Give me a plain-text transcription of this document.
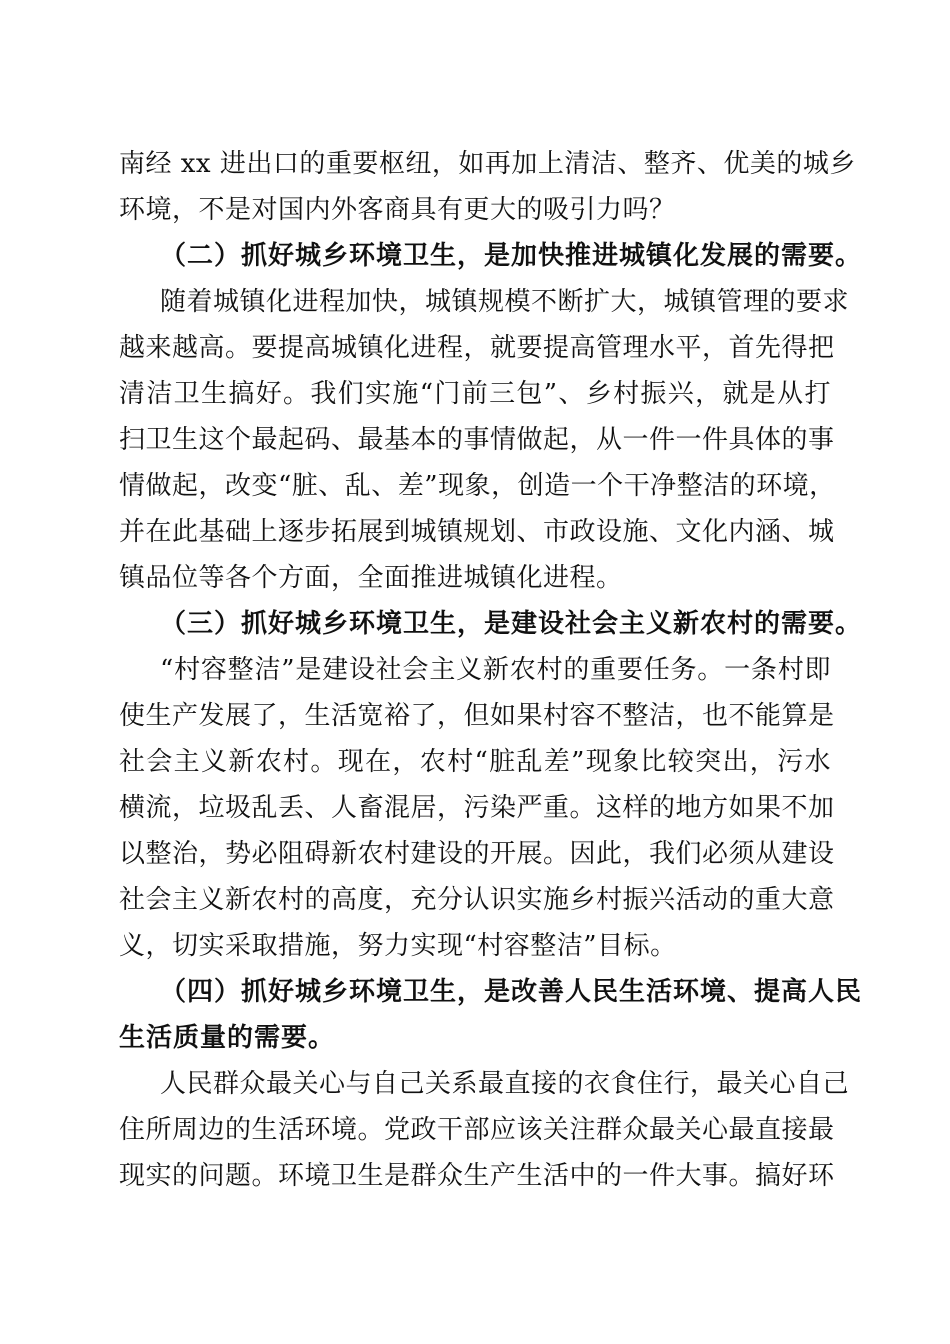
南经 xx 进出口的重要枢纽，如再加上清洁、整齐、优美的城乡
环境，不是对国内外客商具有更大的吸引力吗？
（二）抓好城乡环境卫生，是加快推进城镇化发展的需要。
随着城镇化进程加快，城镇规模不断扩大，城镇管理的要求
越来越高。要提高城镇化进程，就要提高管理水平，首先得把
清洁卫生搞好。我们实施“门前三包”、乡村振兴，就是从打
扫卫生这个最起码、最基本的事情做起，从一件一件具体的事
情做起，改变“脏、乱、差”现象，创造一个干净整洁的环境，
并在此基础上逐步拓展到城镇规划、市政设施、文化内涵、城
镇品位等各个方面，全面推进城镇化进程。
（三）抓好城乡环境卫生，是建设社会主义新农村的需要。
“村容整洁”是建设社会主义新农村的重要任务。一条村即
使生产发展了，生活宽裕了，但如果村容不整洁，也不能算是
社会主义新农村。现在，农村“脏乱差”现象比较突出，污水
横流，垃圾乱丢、人畜混居，污染严重。这样的地方如果不加
以整治，势必阻碍新农村建设的开展。因此，我们必须从建设
社会主义新农村的高度，充分认识实施乡村振兴活动的重大意
义，切实采取措施，努力实现“村容整洁”目标。
（四）抓好城乡环境卫生，是改善人民生活环境、提高人民
生活质量的需要。
人民群众最关心与自己关系最直接的衣食住行，最关心自己
住所周边的生活环境。党政干部应该关注群众最关心最直接最
现实的问题。环境卫生是群众生产生活中的一件大事。搞好环
